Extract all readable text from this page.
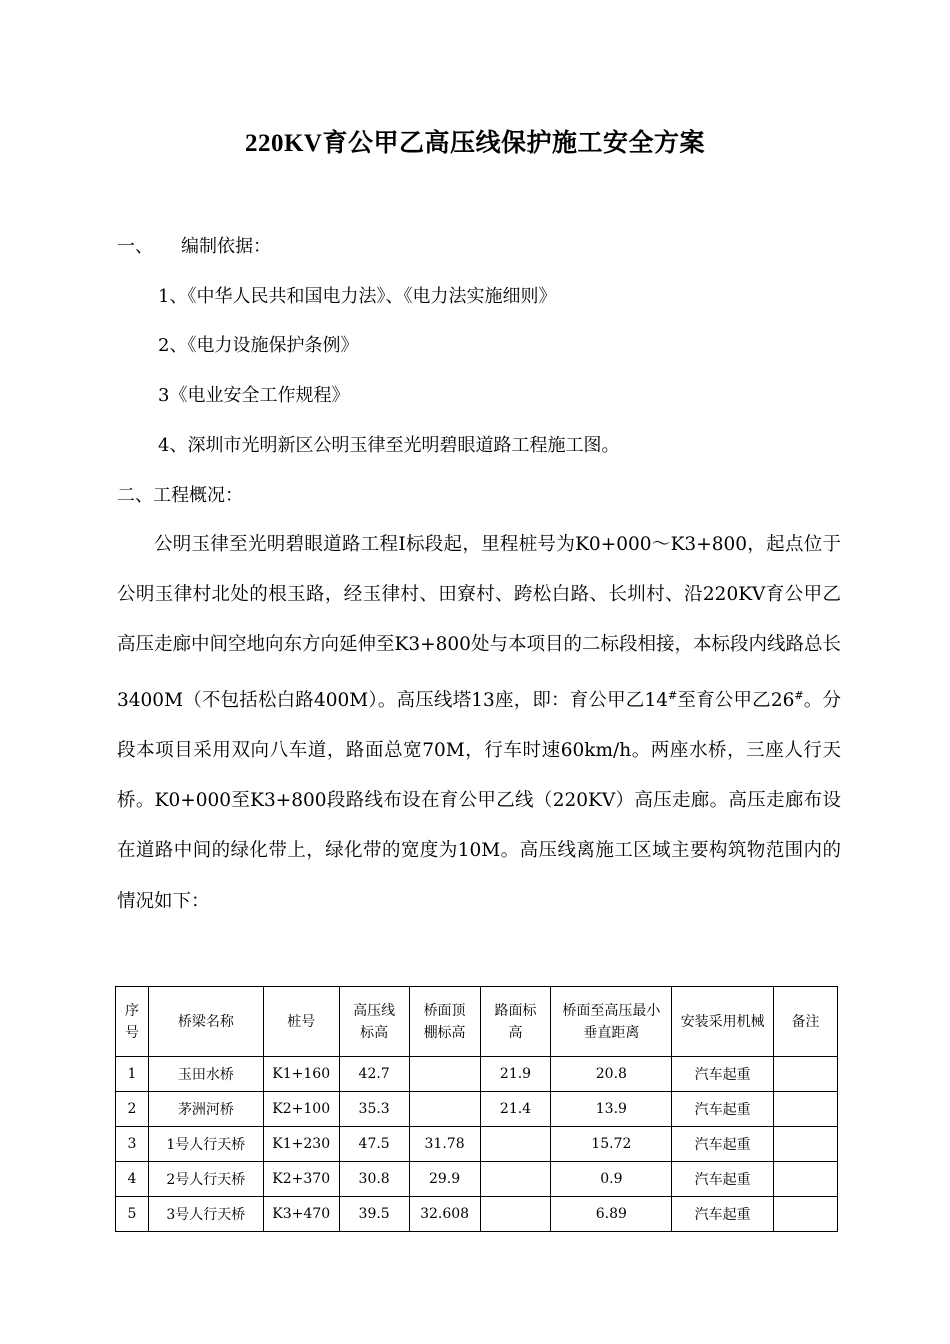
220KV育公甲乙高压线保护施工安全方案
一、 编制依据：
1、《中华人民共和国电力法》、《电力法实施细则》
2、《电力设施保护条例》
3《电业安全工作规程》
4、深圳市光明新区公明玉律至光明碧眼道路工程施工图。
二、工程概况：

公明玉律至光明碧眼道路工程Ⅰ标段起，里程桩号为K0+000～K3+800，起点位于公明玉律村北处的根玉路，经玉律村、田寮村、跨松白路、长圳村、沿220KV育公甲乙高压走廊中间空地向东方向延伸至K3+800处与本项目的二标段相接，本标段内线路总长3400M（不包括松白路400M）。高压线塔13座，即：育公甲乙14#至育公甲乙26#。分段本项目采用双向八车道，路面总宽70M，行车时速60km/h。两座水桥，三座人行天桥。K0+000至K3+800段路线布设在育公甲乙线（220KV）高压走廊。高压走廊布设在道路中间的绿化带上，绿化带的宽度为10M。高压线离施工区域主要构筑物范围内的情况如下：

序号	桥梁名称	桩号	高压线标高	桥面顶棚标高	路面标高	桥面至高压最小垂直距离	安装采用机械	备注
1	玉田水桥	K1+160	42.7		21.9	20.8	汽车起重	
2	茅洲河桥	K2+100	35.3		21.4	13.9	汽车起重	
3	1号人行天桥	K1+230	47.5	31.78		15.72	汽车起重	
4	2号人行天桥	K2+370	30.8	29.9		0.9	汽车起重	
5	3号人行天桥	K3+470	39.5	32.608		6.89	汽车起重	
